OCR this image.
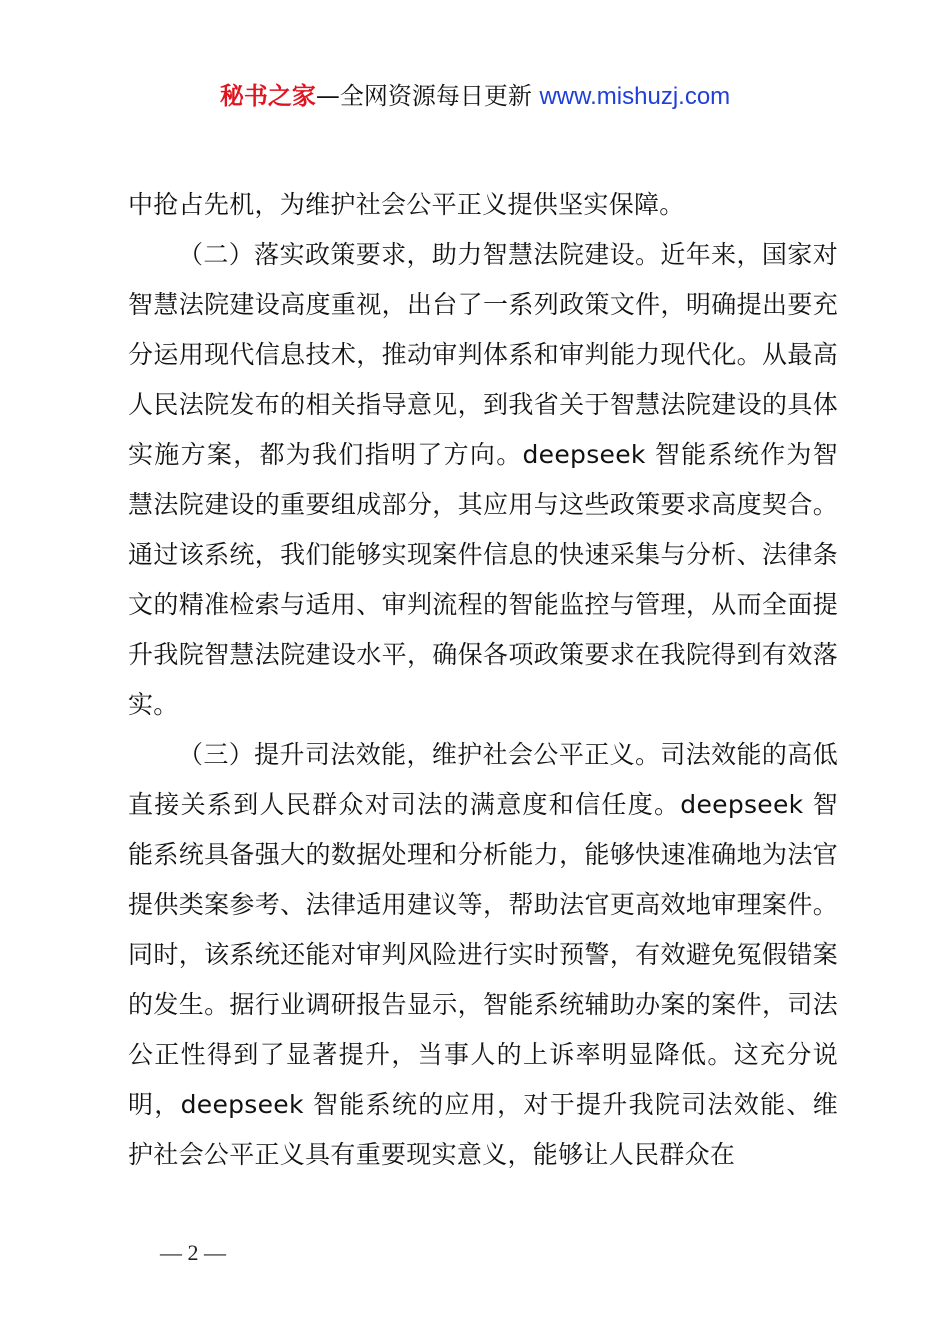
秘书之家—全网资源每日更新 www.mishuzj.com

中抢占先机，为维护社会公平正义提供坚实保障。

（二）落实政策要求，助力智慧法院建设。近年来，国家对智慧法院建设高度重视，出台了一系列政策文件，明确提出要充分运用现代信息技术，推动审判体系和审判能力现代化。从最高人民法院发布的相关指导意见，到我省关于智慧法院建设的具体实施方案，都为我们指明了方向。deepseek 智能系统作为智慧法院建设的重要组成部分，其应用与这些政策要求高度契合。通过该系统，我们能够实现案件信息的快速采集与分析、法律条文的精准检索与适用、审判流程的智能监控与管理，从而全面提升我院智慧法院建设水平，确保各项政策要求在我院得到有效落实。

（三）提升司法效能，维护社会公平正义。司法效能的高低直接关系到人民群众对司法的满意度和信任度。deepseek 智能系统具备强大的数据处理和分析能力，能够快速准确地为法官提供类案参考、法律适用建议等，帮助法官更高效地审理案件。同时，该系统还能对审判风险进行实时预警，有效避免冤假错案的发生。据行业调研报告显示，智能系统辅助办案的案件，司法公正性得到了显著提升，当事人的上诉率明显降低。这充分说明，deepseek 智能系统的应用，对于提升我院司法效能、维护社会公平正义具有重要现实意义，能够让人民群众在

— 2 —
